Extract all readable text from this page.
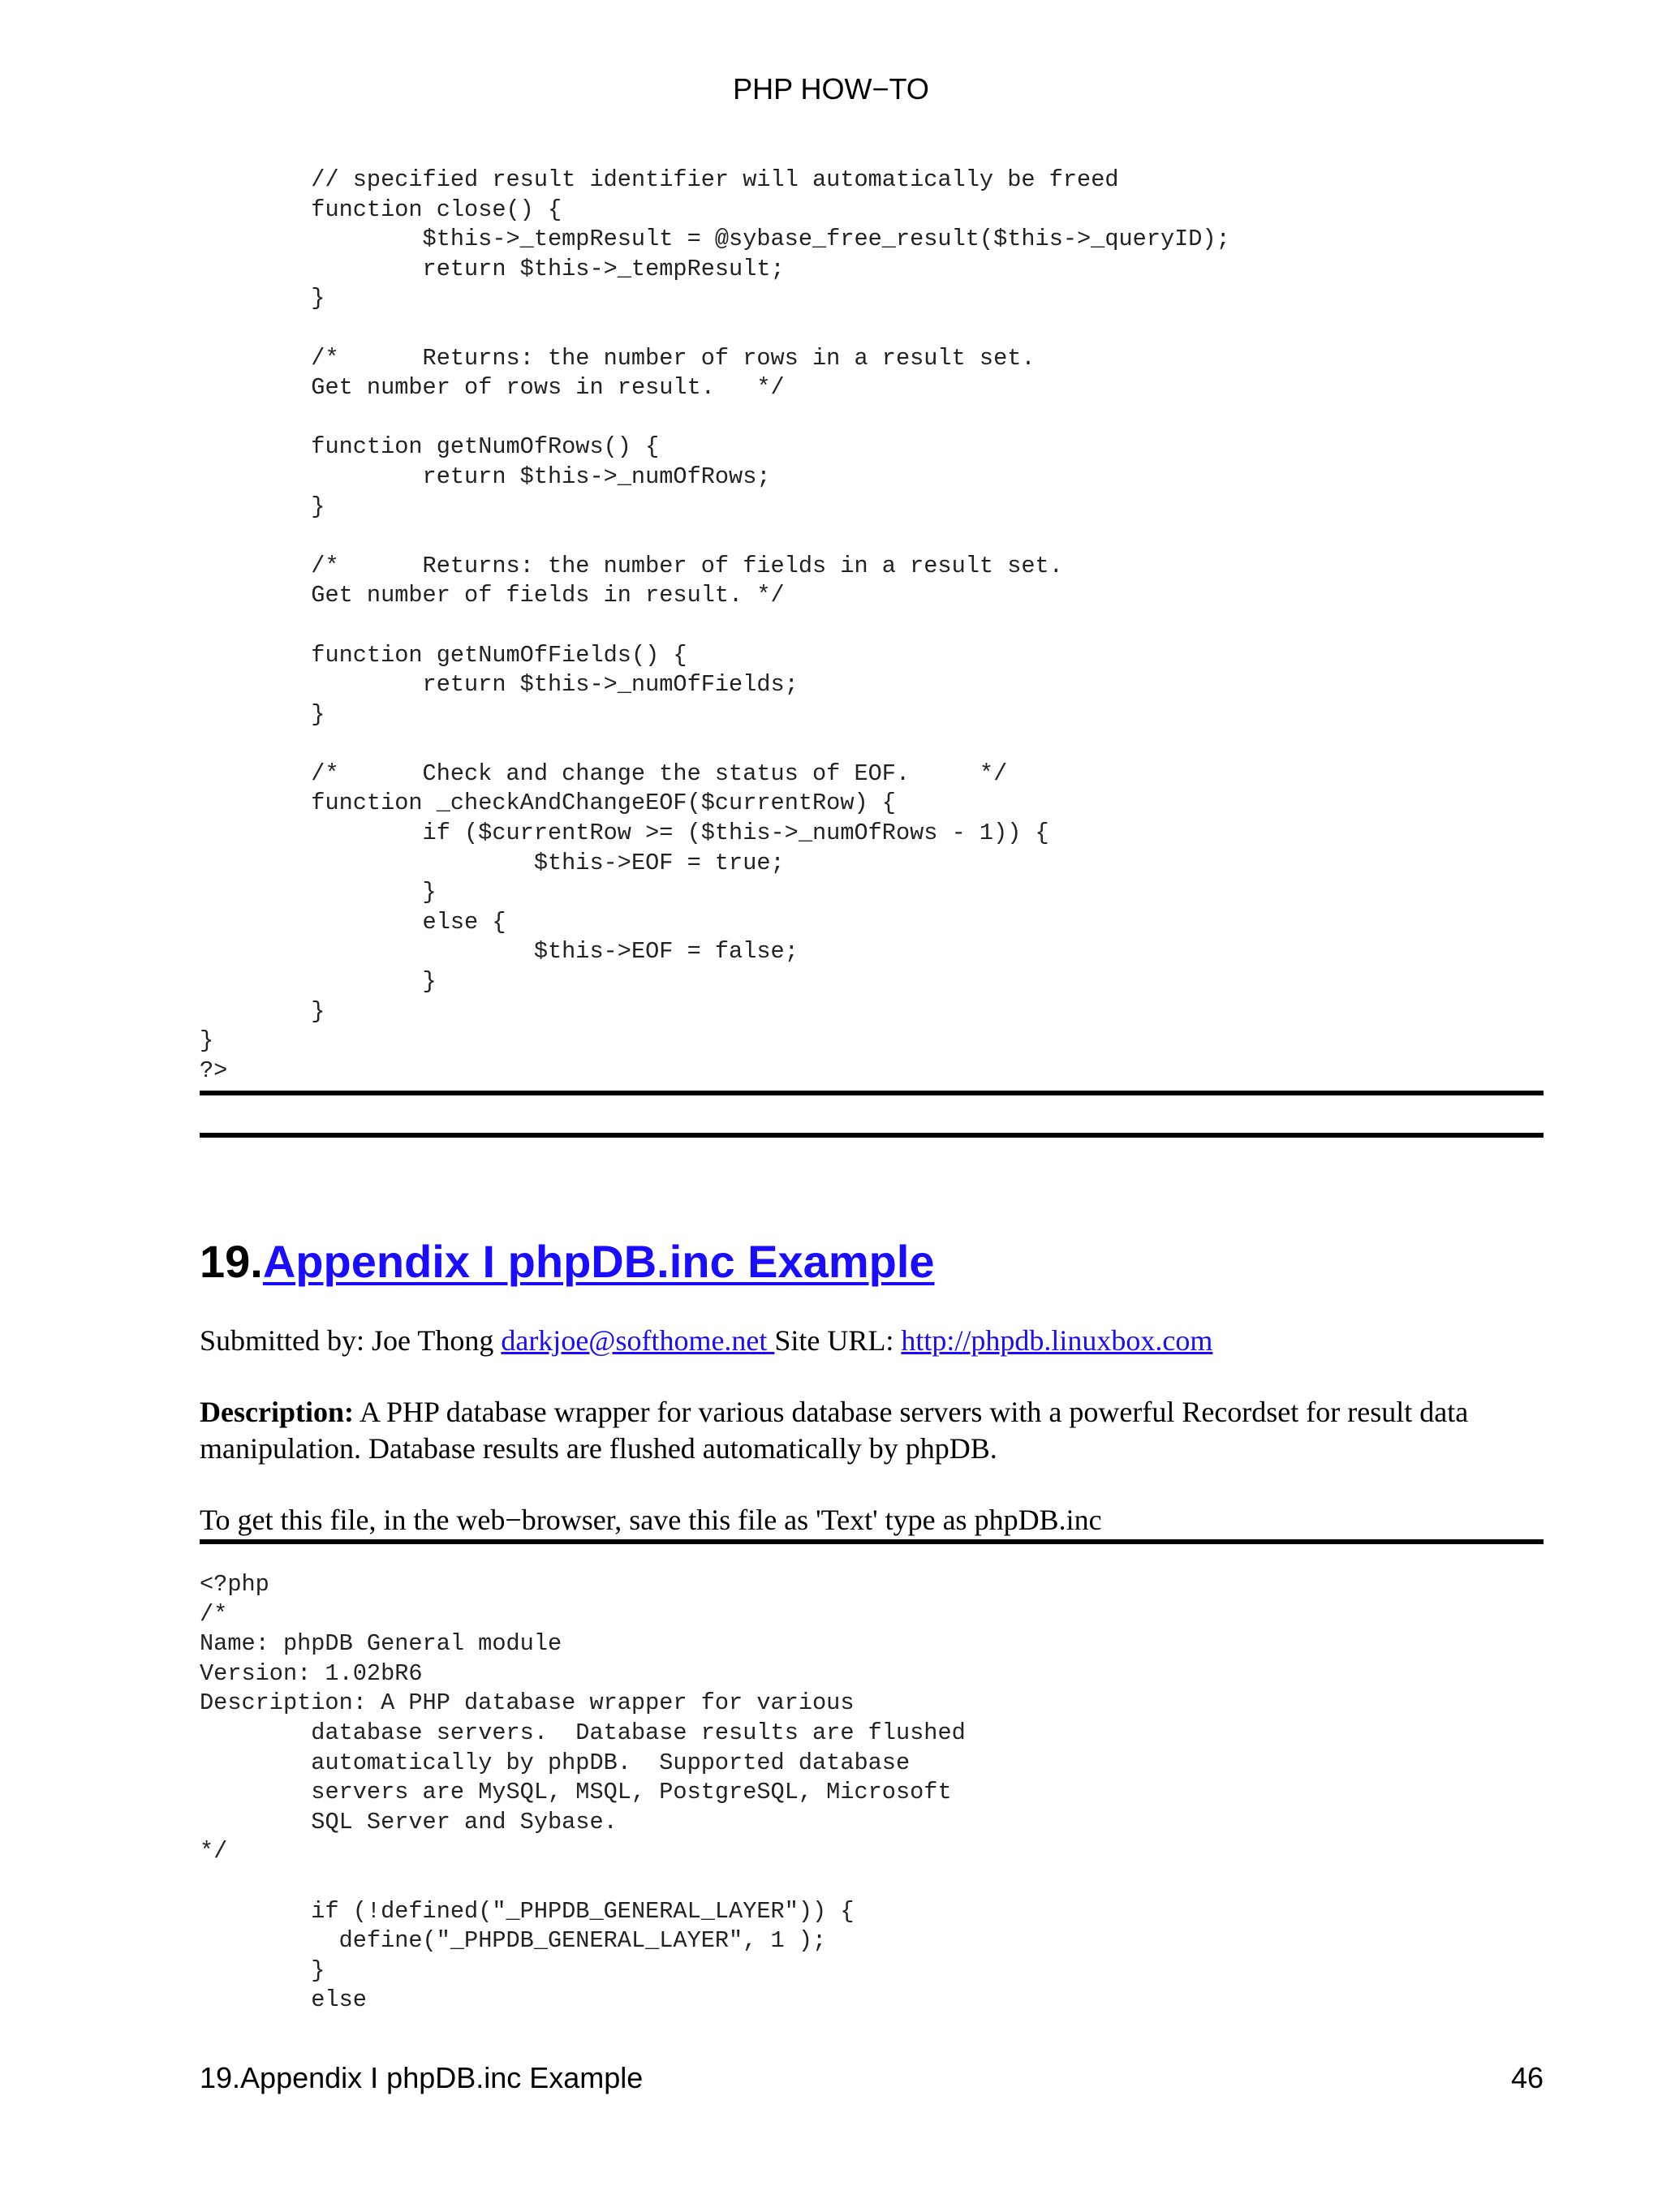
PHP HOW−TO
	// specified result identifier will automatically be freed
	function close() {
		$this->_tempResult = @sybase_free_result($this->_queryID);
		return $this->_tempResult;
	}

	/*	Returns: the number of rows in a result set.
	Get number of rows in result.	*/

	function getNumOfRows() {
		return $this->_numOfRows;
	}

	/*	Returns: the number of fields in a result set.
	Get number of fields in result. */

	function getNumOfFields() {
		return $this->_numOfFields;
	}

	/*	Check and change the status of EOF.	*/
	function _checkAndChangeEOF($currentRow) {
		if ($currentRow >= ($this->_numOfRows - 1)) {
			$this->EOF = true;
		}
		else {
			$this->EOF = false;
		}
	}
}
?>
19.Appendix I phpDB.inc Example

Submitted by: Joe Thong darkjoe@softhome.net Site URL: http://phpdb.linuxbox.com

Description: A PHP database wrapper for various database servers with a powerful Recordset for result data manipulation. Database results are flushed automatically by phpDB.

To get this file, in the web−browser, save this file as 'Text' type as phpDB.inc

<?php
/*
Name: phpDB General module
Version: 1.02bR6
Description: A PHP database wrapper for various
	database servers.  Database results are flushed
	automatically by phpDB.  Supported database
	servers are MySQL, MSQL, PostgreSQL, Microsoft
	SQL Server and Sybase.
*/

	if (!defined("_PHPDB_GENERAL_LAYER")) {
	define("_PHPDB_GENERAL_LAYER", 1 );
	}
	else
19.Appendix I phpDB.inc Example	46
